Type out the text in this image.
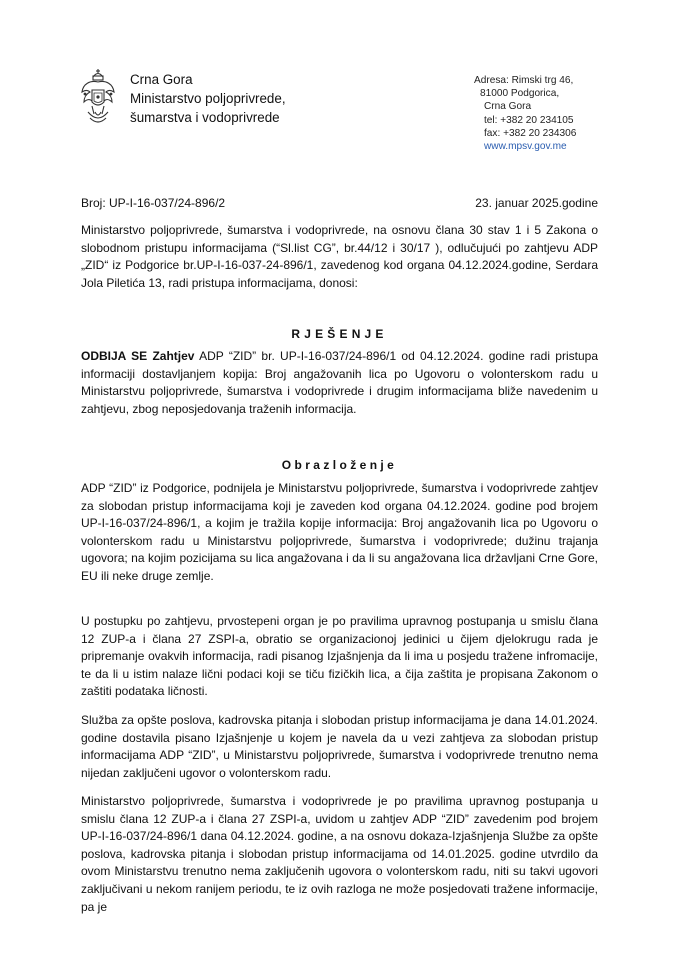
Crna Gora
Ministarstvo poljoprivrede,
šumarstva i vodoprivrede
Adresa: Rimski trg 46,
81000 Podgorica,
Crna Gora
tel: +382 20 234105
fax: +382 20 234306
www.mpsv.gov.me
Broj: UP-I-16-037/24-896/2	23. januar 2025.godine
Ministarstvo poljoprivrede, šumarstva i vodoprivrede, na osnovu člana 30 stav 1 i 5 Zakona o slobodnom pristupu informacijama (“Sl.list CG”, br.44/12 i 30/17 ), odlučujući po zahtjevu ADP „ZID“ iz Podgorice br.UP-I-16-037-24-896/1, zavedenog kod organa 04.12.2024.godine, Serdara Jola Piletića 13, radi pristupa informacijama, donosi:
RJEŠENJE
ODBIJA SE Zahtjev ADP “ZID” br. UP-I-16-037/24-896/1 od 04.12.2024. godine radi pristupa informaciji dostavljanjem kopija: Broj angažovanih lica po Ugovoru o volonterskom radu u Ministarstvu poljoprivrede, šumarstva i vodoprivrede i drugim informacijama bliže navedenim u zahtjevu, zbog neposjedovanja traženih informacija.
Obrazloženje
ADP “ZID” iz Podgorice, podnijela je Ministarstvu poljoprivrede, šumarstva i vodoprivrede zahtjev za slobodan pristup informacijama koji je zaveden kod organa 04.12.2024. godine pod brojem UP-I-16-037/24-896/1, a kojim je tražila kopije informacija: Broj angažovanih lica po Ugovoru o volonterskom radu u Ministarstvu poljoprivrede, šumarstva i vodoprivrede; dužinu trajanja ugovora; na kojim pozicijama su lica angažovana i da li su angažovana lica državljani Crne Gore, EU ili neke druge zemlje.
U postupku po zahtjevu, prvostepeni organ je po pravilima upravnog postupanja u smislu člana 12 ZUP-a i člana 27 ZSPI-a, obratio se organizacionoj jedinici u čijem djelokrugu rada je pripremanje ovakvih informacija, radi pisanog Izjašnjenja da li ima u posjedu tražene infromacije, te da li u istim nalaze lični podaci koji se tiču fizičkih lica, a čija zaštita je propisana Zakonom o zaštiti podataka ličnosti.
Služba za opšte poslova, kadrovska pitanja i slobodan pristup informacijama je dana 14.01.2024. godine dostavila pisano Izjašnjenje u kojem je navela da u vezi zahtjeva za slobodan pristup informacijama ADP “ZID”, u Ministarstvu poljoprivrede, šumarstva i vodoprivrede trenutno nema nijedan zaključeni ugovor o volonterskom radu.
Ministarstvo poljoprivrede, šumarstva i vodoprivrede je po pravilima upravnog postupanja u smislu člana 12 ZUP-a i člana 27 ZSPI-a, uvidom u zahtjev ADP “ZID” zavedenim pod brojem UP-I-16-037/24-896/1 dana 04.12.2024. godine, a na osnovu dokaza-Izjašnjenja Službe za opšte poslova, kadrovska pitanja i slobodan pristup informacijama od 14.01.2025. godine utvrdilo da ovom Ministarstvu trenutno nema zaključenih ugovora o volonterskom radu, niti su takvi ugovori zaključivani u nekom ranijem periodu, te iz ovih razloga ne može posjedovati tražene informacije, pa je
